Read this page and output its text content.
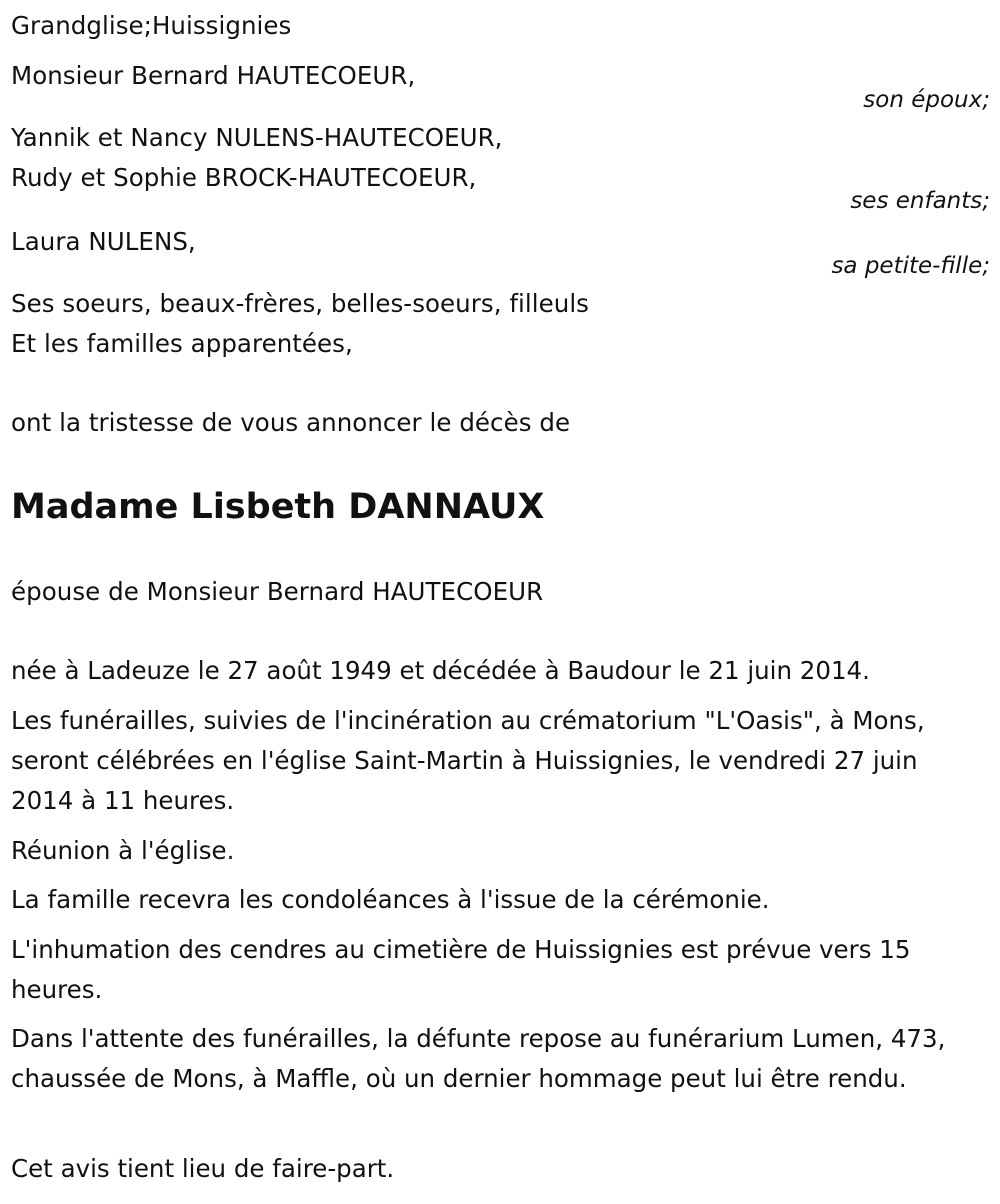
Grandglise;Huissignies
Monsieur Bernard HAUTECOEUR,
son époux;
Yannik et Nancy NULENS-HAUTECOEUR,
Rudy et Sophie BROCK-HAUTECOEUR,
ses enfants;
Laura NULENS,
sa petite-fille;
Ses soeurs, beaux-frères, belles-soeurs, filleuls
Et les familles apparentées,
ont la tristesse de vous annoncer le décès de
Madame Lisbeth DANNAUX
épouse de Monsieur Bernard HAUTECOEUR
née à Ladeuze le 27 août 1949 et décédée à Baudour le 21 juin 2014.
Les funérailles, suivies de l'incinération au crématorium "L'Oasis", à Mons, seront célébrées en l'église Saint-Martin à Huissignies, le vendredi 27 juin 2014 à 11 heures.
Réunion à l'église.
La famille recevra les condoléances à l'issue de la cérémonie.
L'inhumation des cendres au cimetière de Huissignies est prévue vers 15 heures.
Dans l'attente des funérailles, la défunte repose au funérarium Lumen, 473, chaussée de Mons, à Maffle, où un dernier hommage peut lui être rendu.
Cet avis tient lieu de faire-part.
